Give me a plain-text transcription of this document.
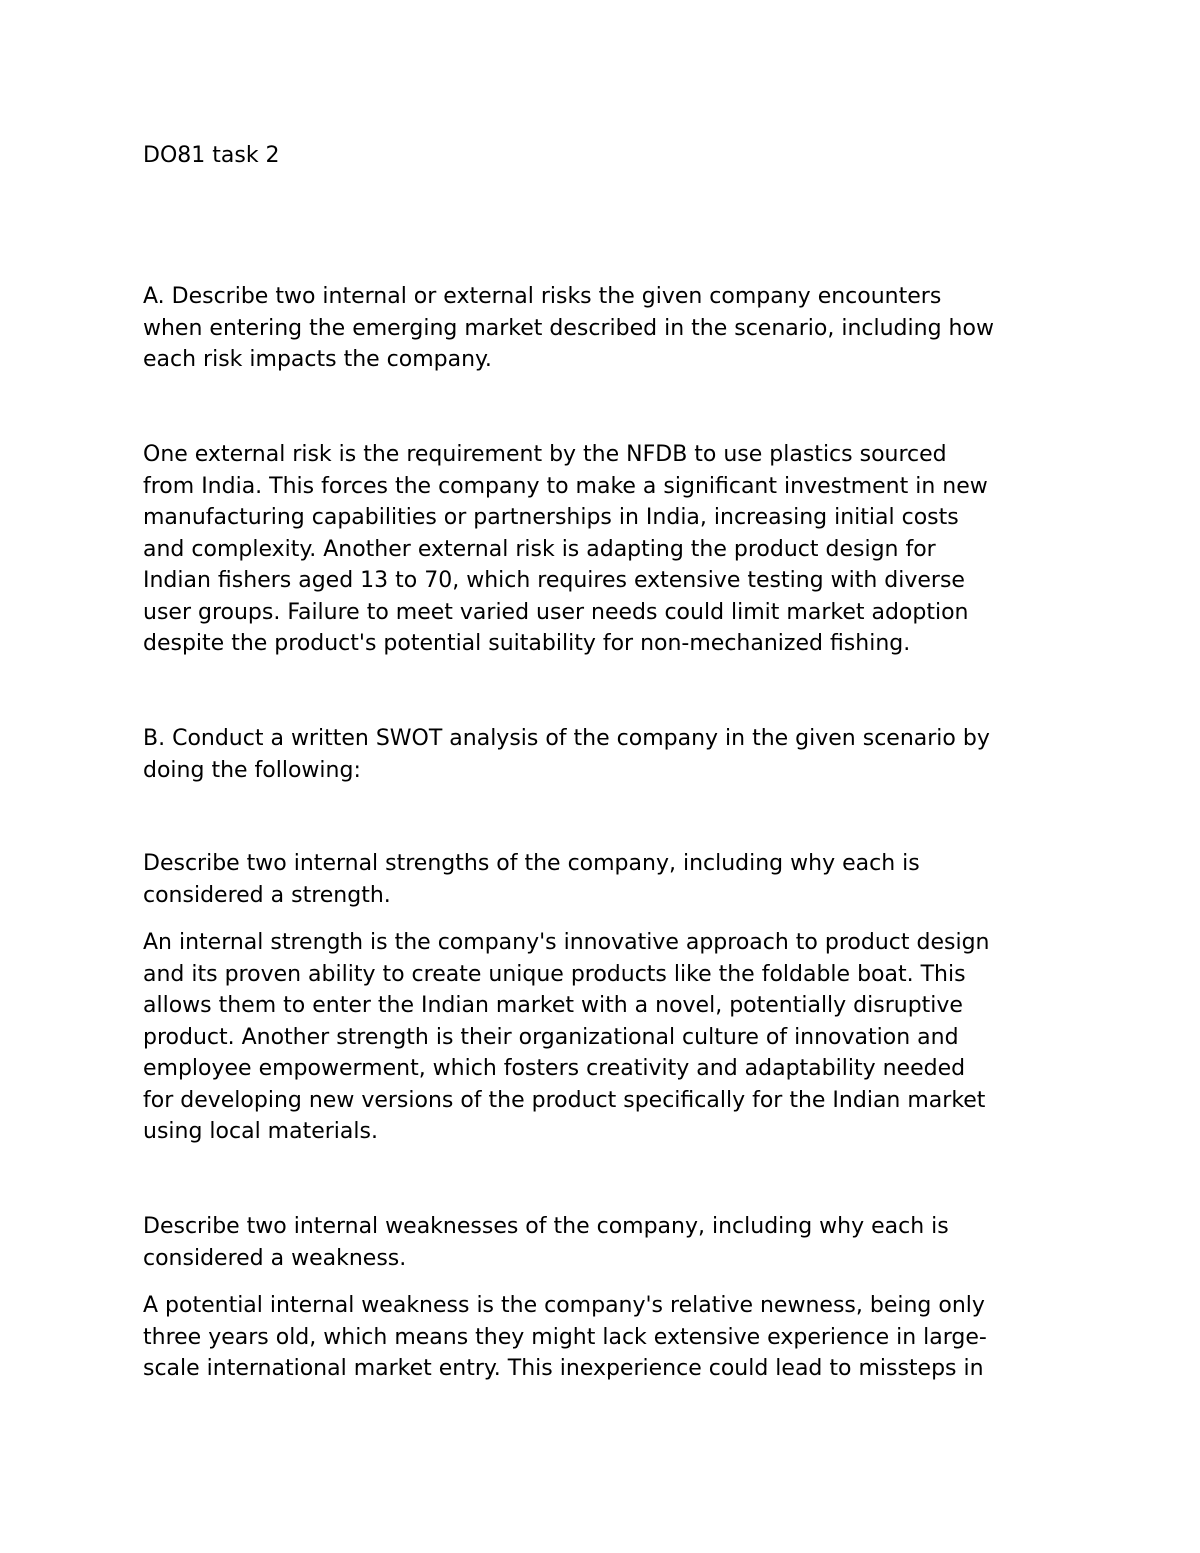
DO81 task 2

A. Describe two internal or external risks the given company encounters
when entering the emerging market described in the scenario, including how
each risk impacts the company.

One external risk is the requirement by the NFDB to use plastics sourced
from India. This forces the company to make a significant investment in new
manufacturing capabilities or partnerships in India, increasing initial costs
and complexity. Another external risk is adapting the product design for
Indian fishers aged 13 to 70, which requires extensive testing with diverse
user groups. Failure to meet varied user needs could limit market adoption
despite the product's potential suitability for non-mechanized fishing.

B. Conduct a written SWOT analysis of the company in the given scenario by
doing the following:

Describe two internal strengths of the company, including why each is
considered a strength.

An internal strength is the company's innovative approach to product design
and its proven ability to create unique products like the foldable boat. This
allows them to enter the Indian market with a novel, potentially disruptive
product. Another strength is their organizational culture of innovation and
employee empowerment, which fosters creativity and adaptability needed
for developing new versions of the product specifically for the Indian market
using local materials.

Describe two internal weaknesses of the company, including why each is
considered a weakness.

A potential internal weakness is the company's relative newness, being only
three years old, which means they might lack extensive experience in large-
scale international market entry. This inexperience could lead to missteps in
